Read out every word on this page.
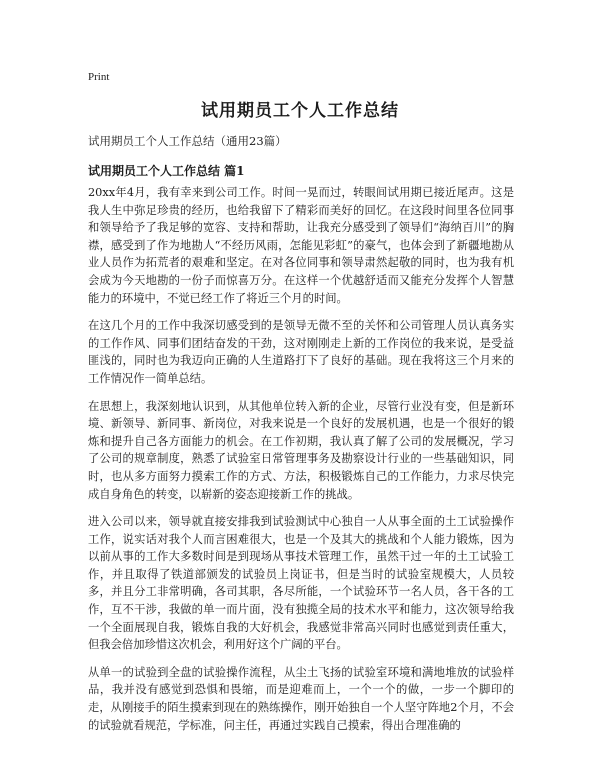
Print
试用期员工个人工作总结
试用期员工个人工作总结（通用23篇）
试用期员工个人工作总结 篇1

20xx年4月，我有幸来到公司工作。时间一晃而过，转眼间试用期已接近尾声。这是我人生中弥足珍贵的经历，也给我留下了精彩而美好的回忆。在这段时间里各位同事和领导给予了我足够的宽容、支持和帮助，让我充分感受到了领导们“海纳百川”的胸襟，感受到了作为地勘人“不经历风雨，怎能见彩虹”的豪气，也体会到了新疆地勘从业人员作为拓荒者的艰难和坚定。在对各位同事和领导肃然起敬的同时，也为我有机会成为今天地勘的一份子而惊喜万分。在这样一个优越舒适而又能充分发挥个人智慧能力的环境中，不觉已经工作了将近三个月的时间。

在这几个月的工作中我深切感受到的是领导无微不至的关怀和公司管理人员认真务实的工作作风、同事们团结奋发的干劲，这对刚刚走上新的工作岗位的我来说，是受益匪浅的，同时也为我迈向正确的人生道路打下了良好的基础。现在我将这三个月来的工作情况作一简单总结。

在思想上，我深刻地认识到，从其他单位转入新的企业，尽管行业没有变，但是新环境、新领导、新同事、新岗位，对我来说是一个良好的发展机遇，也是一个很好的锻炼和提升自己各方面能力的机会。在工作初期，我认真了解了公司的发展概况，学习了公司的规章制度，熟悉了试验室日常管理事务及勘察设计行业的一些基础知识，同时，也从多方面努力摸索工作的方式、方法，积极锻炼自己的工作能力，力求尽快完成自身角色的转变，以崭新的姿态迎接新工作的挑战。

进入公司以来，领导就直接安排我到试验测试中心独自一人从事全面的土工试验操作工作，说实话对我个人而言困难很大，也是一个及其大的挑战和个人能力锻炼，因为以前从事的工作大多数时间是到现场从事技术管理工作，虽然干过一年的土工试验工作，并且取得了铁道部颁发的试验员上岗证书，但是当时的试验室规模大，人员较多，并且分工非常明确，各司其职，各尽所能，一个试验环节一名人员，各干各的工作，互不干涉，我做的单一而片面，没有独揽全局的技术水平和能力，这次领导给我一个全面展现自我，锻炼自我的大好机会，我感觉非常高兴同时也感觉到责任重大，但我会倍加珍惜这次机会，利用好这个广阔的平台。

从单一的试验到全盘的试验操作流程，从尘土飞扬的试验室环境和满地堆放的试验样品，我并没有感觉到恐惧和畏缩，而是迎难而上，一个一个的做，一步一个脚印的走，从刚接手的陌生摸索到现在的熟练操作，刚开始独自一个人坚守阵地2个月，不会的试验就看规范，学标准，问主任，再通过实践自己摸索，得出合理准确的
